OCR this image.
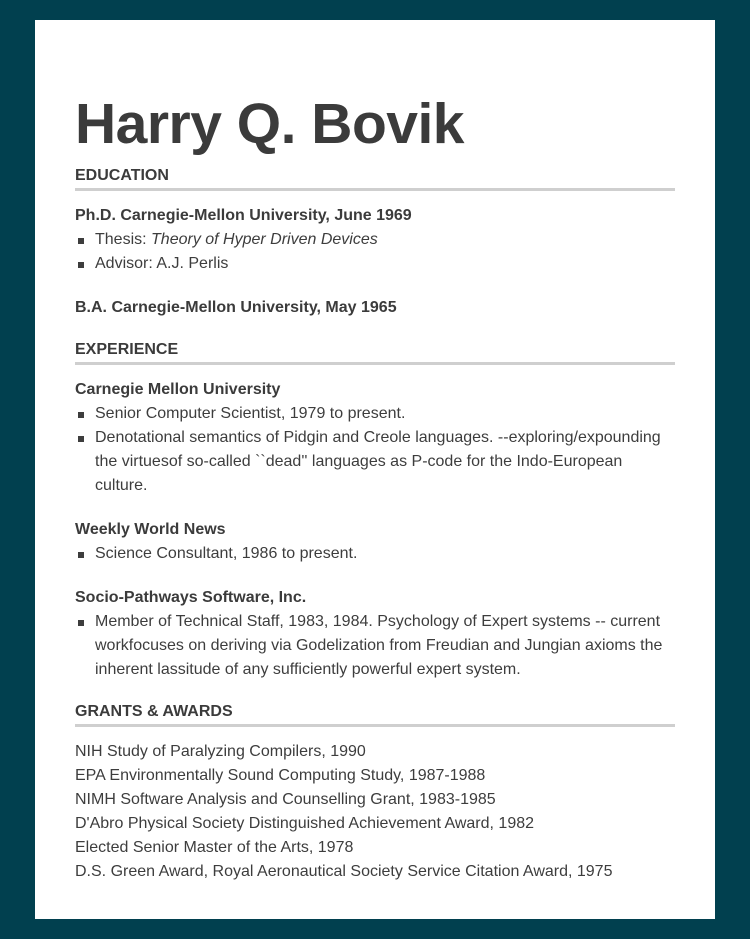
Harry Q. Bovik
EDUCATION
Ph.D. Carnegie-Mellon University, June 1969
Thesis: Theory of Hyper Driven Devices
Advisor: A.J. Perlis
B.A. Carnegie-Mellon University, May 1965
EXPERIENCE
Carnegie Mellon University
Senior Computer Scientist, 1979 to present.
Denotational semantics of Pidgin and Creole languages. --exploring/expounding the virtuesof so-called ``dead'' languages as P-code for the Indo-European culture.
Weekly World News
Science Consultant, 1986 to present.
Socio-Pathways Software, Inc.
Member of Technical Staff, 1983, 1984. Psychology of Expert systems -- current workfocuses on deriving via Godelization from Freudian and Jungian axioms the inherent lassitude of any sufficiently powerful expert system.
GRANTS & AWARDS
NIH Study of Paralyzing Compilers, 1990
EPA Environmentally Sound Computing Study, 1987-1988
NIMH Software Analysis and Counselling Grant, 1983-1985
D'Abro Physical Society Distinguished Achievement Award, 1982
Elected Senior Master of the Arts, 1978
D.S. Green Award, Royal Aeronautical Society Service Citation Award, 1975
